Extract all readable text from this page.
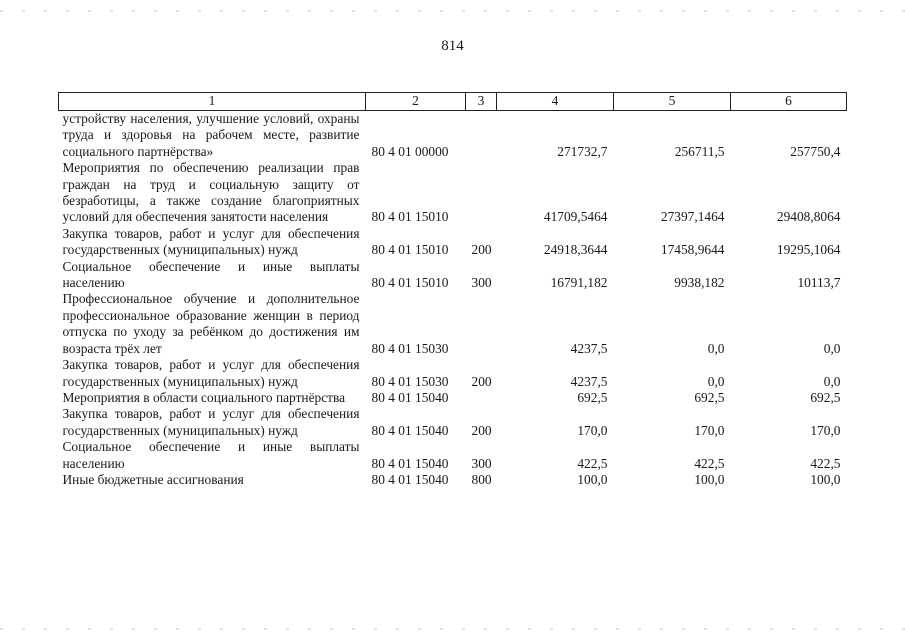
814
1	2	3	4	5	6
устройству населения, улучшение условий, охраны труда и здоровья на рабочем месте, развитие социального партнёрства»	80 4 01 00000		271732,7	256711,5	257750,4
Мероприятия по обеспечению реализации прав граждан на труд и социальную защиту от безработицы, а также создание благоприятных условий для обеспечения занятости населения	80 4 01 15010		41709,5464	27397,1464	29408,8064
Закупка товаров, работ и услуг для обеспечения государственных (муниципальных) нужд	80 4 01 15010	200	24918,3644	17458,9644	19295,1064
Социальное обеспечение и иные выплаты населению	80 4 01 15010	300	16791,182	9938,182	10113,7
Профессиональное обучение и дополнительное профессиональное образование женщин в период отпуска по уходу за ребёнком до достижения им возраста трёх лет	80 4 01 15030		4237,5	0,0	0,0
Закупка товаров, работ и услуг для обеспечения государственных (муниципальных) нужд	80 4 01 15030	200	4237,5	0,0	0,0
Мероприятия в области социального партнёрства	80 4 01 15040		692,5	692,5	692,5
Закупка товаров, работ и услуг для обеспечения государственных (муниципальных) нужд	80 4 01 15040	200	170,0	170,0	170,0
Социальное обеспечение и иные выплаты населению	80 4 01 15040	300	422,5	422,5	422,5
Иные бюджетные ассигнования	80 4 01 15040	800	100,0	100,0	100,0
